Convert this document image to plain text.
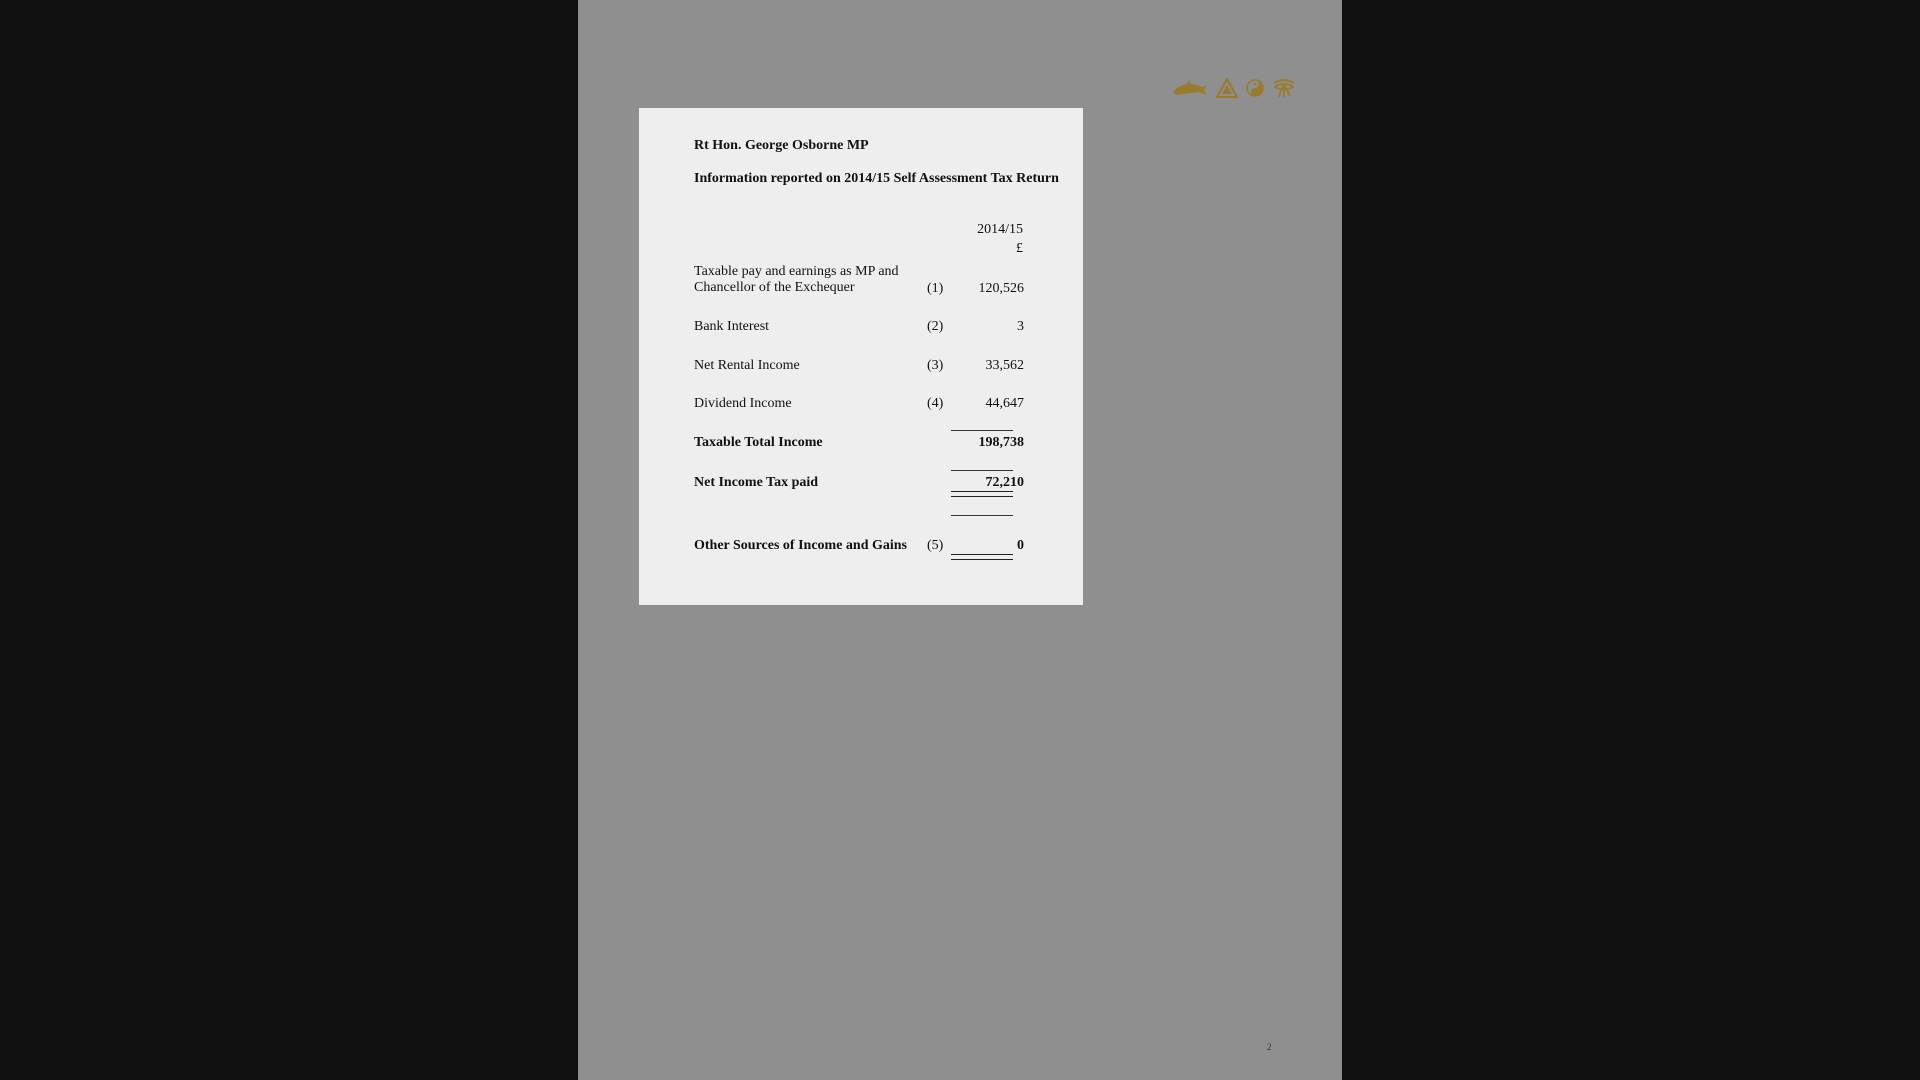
Rt Hon. George Osborne MP
Information reported on 2014/15 Self Assessment Tax Return
2014/15
£
Taxable pay and earnings as MP and
Chancellor of the Exchequer	(1)	120,526
Bank Interest	(2)	3
Net Rental Income	(3)	33,562
Dividend Income	(4)	44,647
Taxable Total Income	198,738
Net Income Tax paid	72,210
Other Sources of Income and Gains (5)	0
2
